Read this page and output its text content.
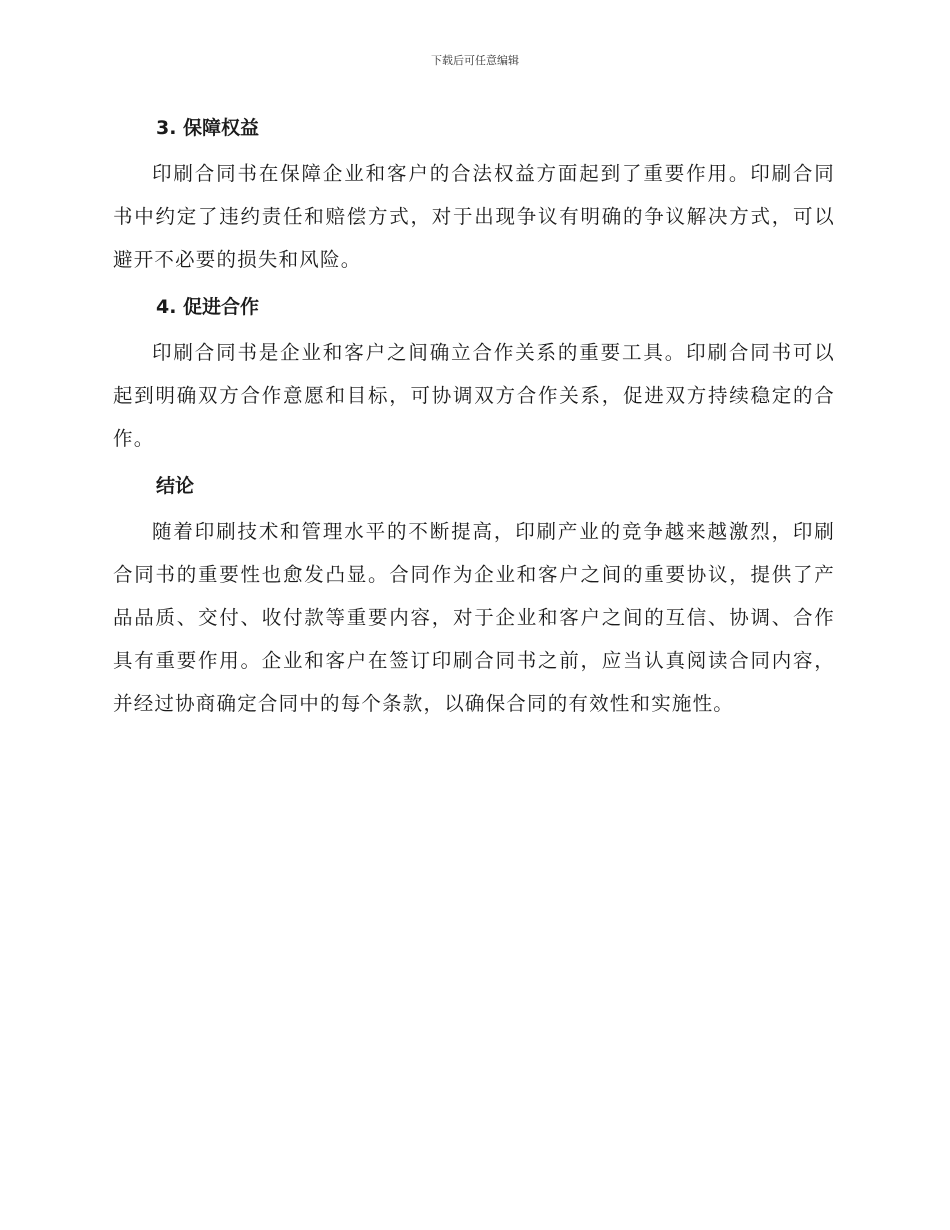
下载后可任意编辑
3. 保障权益

印刷合同书在保障企业和客户的合法权益方面起到了重要作用。印刷合同书中约定了违约责任和赔偿方式，对于出现争议有明确的争议解决方式，可以避开不必要的损失和风险。

4. 促进合作

印刷合同书是企业和客户之间确立合作关系的重要工具。印刷合同书可以起到明确双方合作意愿和目标，可协调双方合作关系，促进双方持续稳定的合作。

结论

随着印刷技术和管理水平的不断提高，印刷产业的竞争越来越激烈，印刷合同书的重要性也愈发凸显。合同作为企业和客户之间的重要协议，提供了产品品质、交付、收付款等重要内容，对于企业和客户之间的互信、协调、合作具有重要作用。企业和客户在签订印刷合同书之前，应当认真阅读合同内容，并经过协商确定合同中的每个条款，以确保合同的有效性和实施性。
